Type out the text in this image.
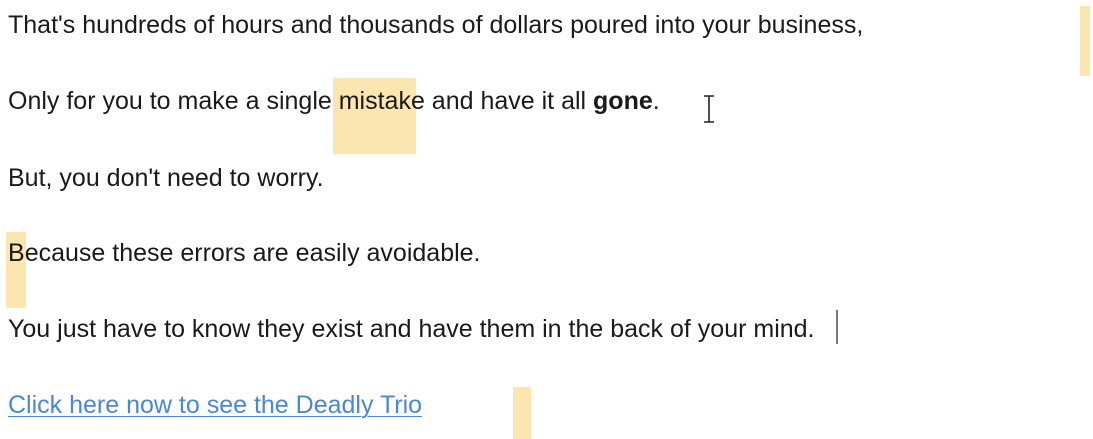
That's hundreds of hours and thousands of dollars poured into your business,
Only for you to make a single mistake and have it all gone.
But, you don't need to worry.
Because these errors are easily avoidable.
You just have to know they exist and have them in the back of your mind.
Click here now to see the Deadly Trio
